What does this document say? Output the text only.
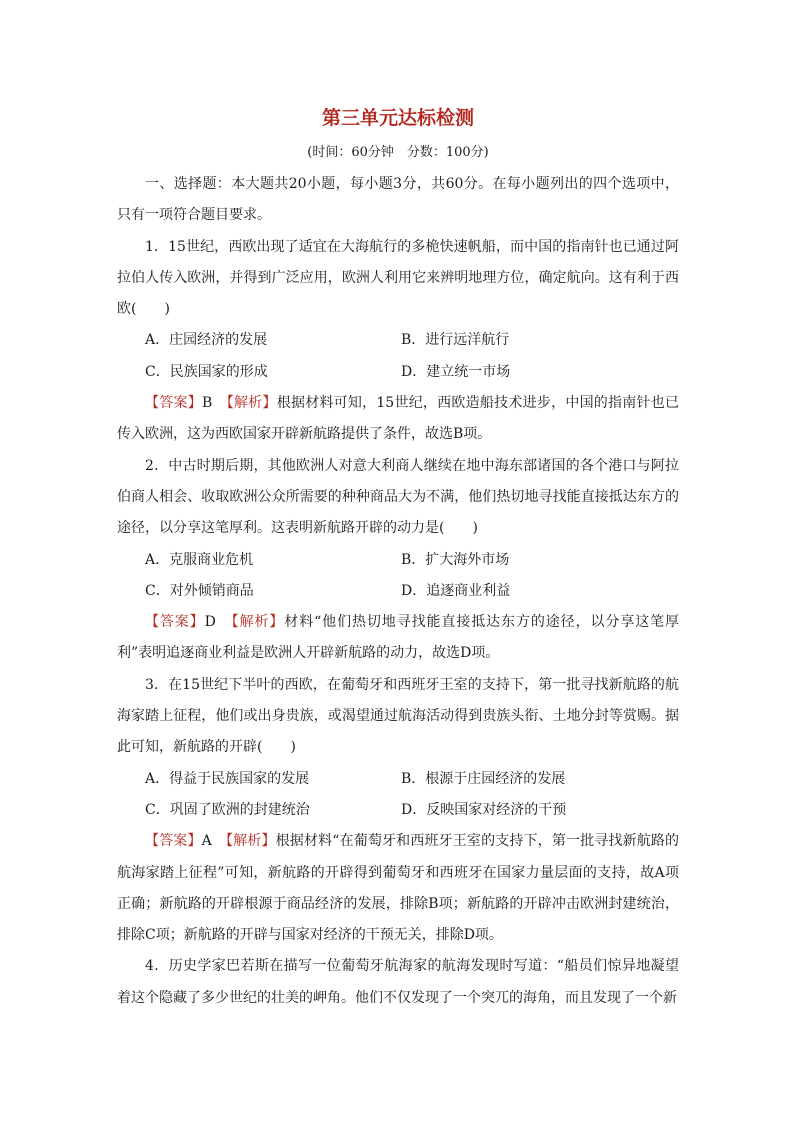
第三单元达标检测
(时间：60分钟　分数：100分)

一、选择题：本大题共20小题，每小题3分，共60分。在每小题列出的四个选项中，只有一项符合题目要求。

1．15世纪，西欧出现了适宜在大海航行的多桅快速帆船，而中国的指南针也已通过阿拉伯人传入欧洲，并得到广泛应用，欧洲人利用它来辨明地理方位，确定航向。这有利于西欧(　　)

A．庄园经济的发展	B．进行远洋航行
C．民族国家的形成	D．建立统一市场

【答案】B　 【解析】根据材料可知，15世纪，西欧造船技术进步，中国的指南针也已传入欧洲，这为西欧国家开辟新航路提供了条件，故选B项。

2．中古时期后期，其他欧洲人对意大利商人继续在地中海东部诸国的各个港口与阿拉伯商人相会、收取欧洲公众所需要的种种商品大为不满，他们热切地寻找能直接抵达东方的途径，以分享这笔厚利。这表明新航路开辟的动力是(　　)

A．克服商业危机	B．扩大海外市场
C．对外倾销商品	D．追逐商业利益

【答案】D　 【解析】材料“他们热切地寻找能直接抵达东方的途径，以分享这笔厚利”表明追逐商业利益是欧洲人开辟新航路的动力，故选D项。

3．在15世纪下半叶的西欧，在葡萄牙和西班牙王室的支持下，第一批寻找新航路的航海家踏上征程，他们或出身贵族，或渴望通过航海活动得到贵族头衔、土地分封等赏赐。据此可知，新航路的开辟(　　)

A．得益于民族国家的发展	B．根源于庄园经济的发展
C．巩固了欧洲的封建统治	D．反映国家对经济的干预

【答案】A　 【解析】根据材料“在葡萄牙和西班牙王室的支持下，第一批寻找新航路的航海家踏上征程”可知，新航路的开辟得到葡萄牙和西班牙在国家力量层面的支持，故A项正确；新航路的开辟根源于商品经济的发展，排除B项；新航路的开辟冲击欧洲封建统治，排除C项；新航路的开辟与国家对经济的干预无关，排除D项。

4．历史学家巴若斯在描写一位葡萄牙航海家的航海发现时写道：“船员们惊异地凝望着这个隐藏了多少世纪的壮美的岬角。他们不仅发现了一个突兀的海角，而且发现了一个新
